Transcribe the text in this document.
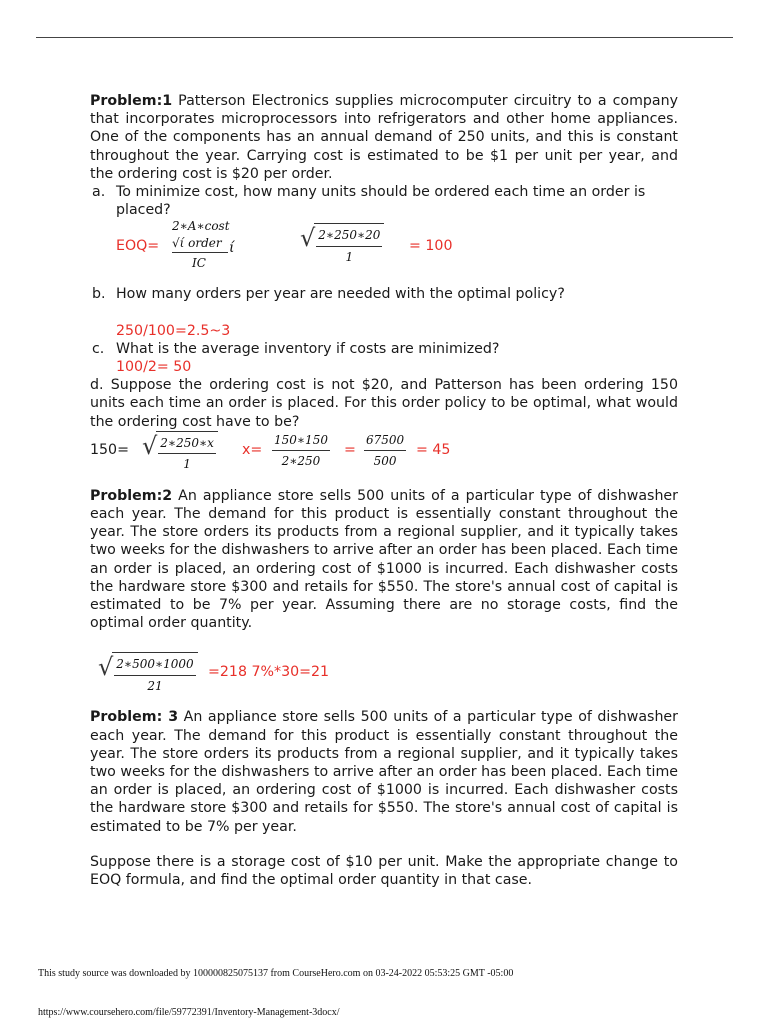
Problem:1 Patterson Electronics supplies microcomputer circuitry to a company that incorporates microprocessors into refrigerators and other home appliances. One of the components has an annual demand of 250 units, and this is constant throughout the year. Carrying cost is estimated to be $1 per unit per year, and the ordering cost is $20 per order.
a. To minimize cost, how many units should be ordered each time an order is placed?
EOQ=
2∗A∗cost
√ί order ί
IC
√ $\frac{2∗250∗20}{1} = 100$
b. How many orders per year are needed with the optimal policy?
250/100=2.5~3
c. What is the average inventory if costs are minimized?
100/2= 50
d. Suppose the ordering cost is not $20, and Patterson has been ordering 150 units each time an order is placed. For this order policy to be optimal, what would the ordering cost have to be?
150= √ $\frac{2∗250∗x}{1} x= \frac{150∗150}{2∗250} = \frac{67500}{500} = 45$
Problem:2 An appliance store sells 500 units of a particular type of dishwasher each year. The demand for this product is essentially constant throughout the year. The store orders its products from a regional supplier, and it typically takes two weeks for the dishwashers to arrive after an order has been placed. Each time an order is placed, an ordering cost of $1000 is incurred. Each dishwasher costs the hardware store $300 and retails for $550. The store's annual cost of capital is estimated to be 7% per year. Assuming there are no storage costs, find the optimal order quantity.
√ $\frac{2∗500∗1000}{21} =218$ 7%*30=21
Problem: 3 An appliance store sells 500 units of a particular type of dishwasher each year. The demand for this product is essentially constant throughout the year. The store orders its products from a regional supplier, and it typically takes two weeks for the dishwashers to arrive after an order has been placed. Each time an order is placed, an ordering cost of $1000 is incurred. Each dishwasher costs the hardware store $300 and retails for $550. The store's annual cost of capital is estimated to be 7% per year.
Suppose there is a storage cost of $10 per unit. Make the appropriate change to EOQ formula, and find the optimal order quantity in that case.
This study source was downloaded by 100000825075137 from CourseHero.com on 03-24-2022 05:53:25 GMT -05:00
https://www.coursehero.com/file/59772391/Inventory-Management-3docx/
